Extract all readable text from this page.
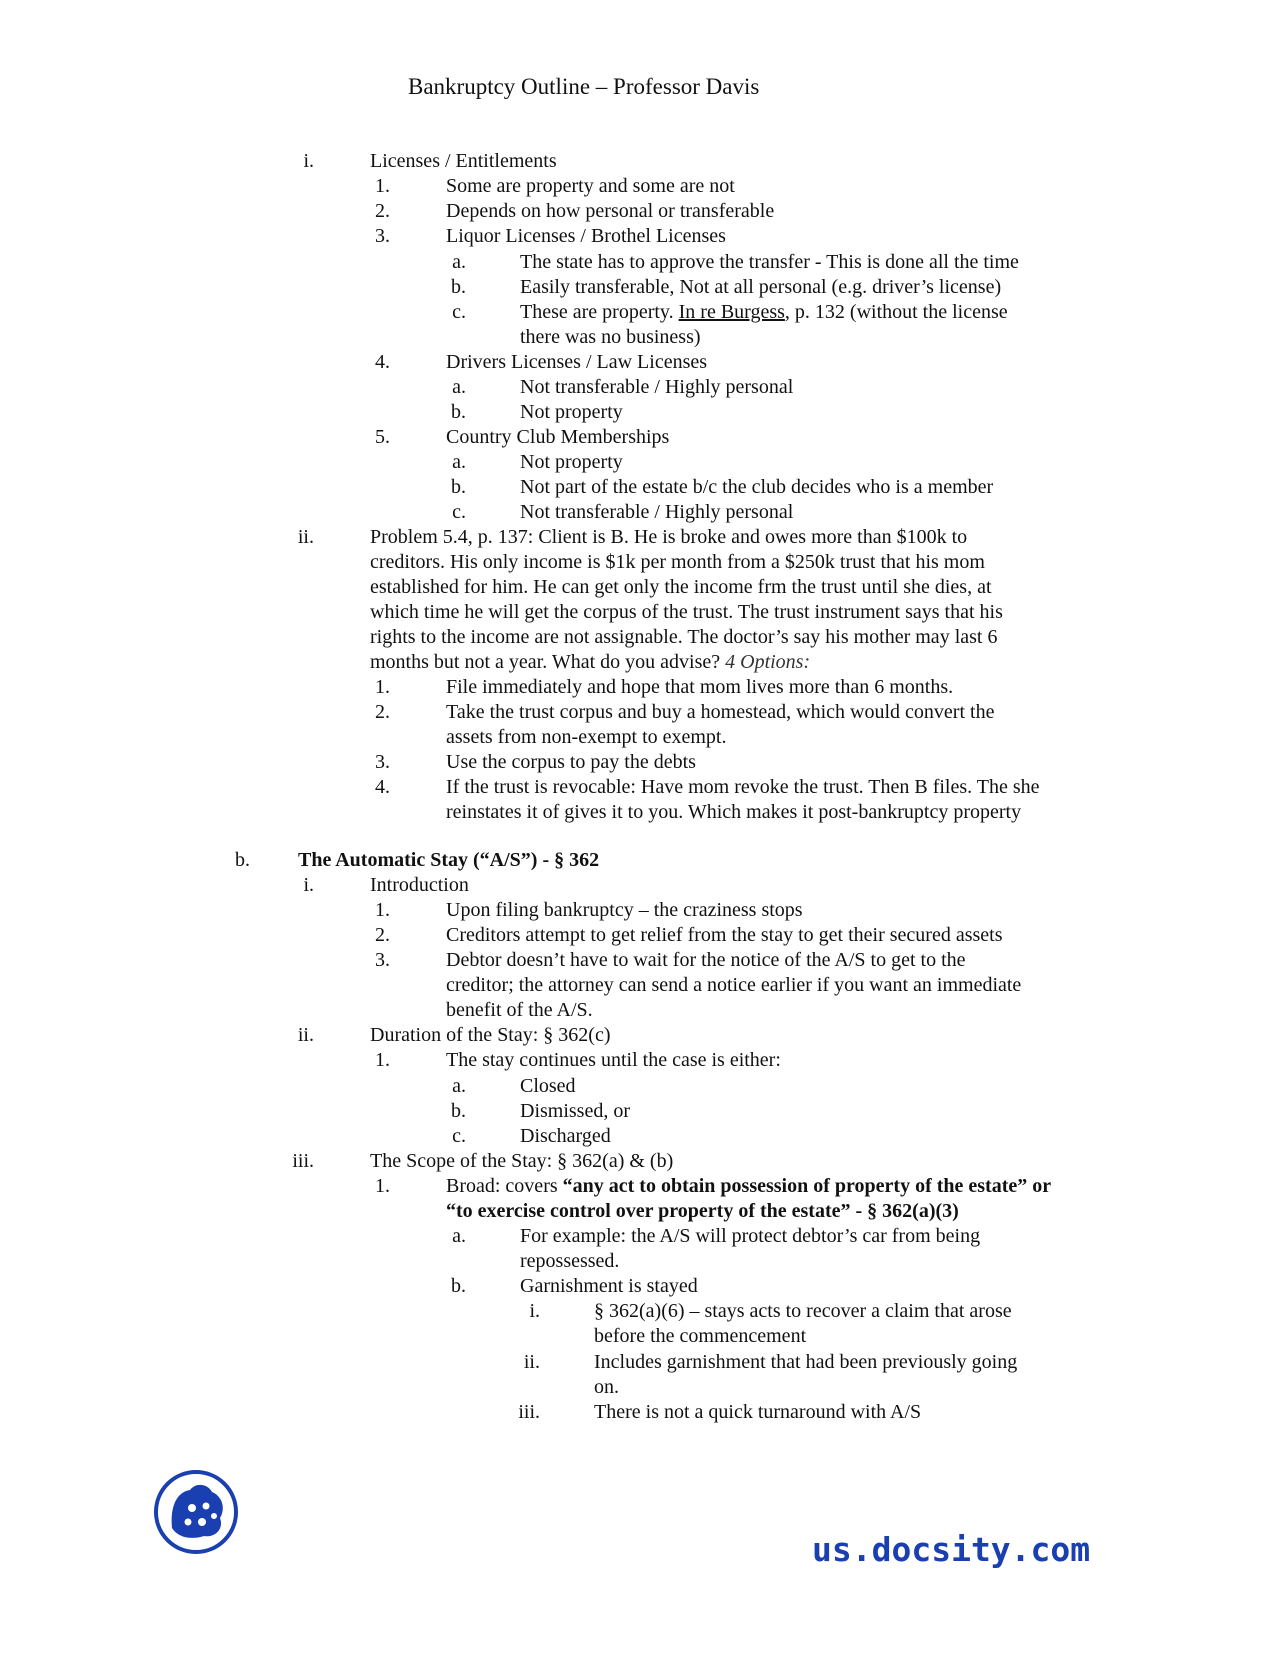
Bankruptcy Outline – Professor Davis
i.	Licenses / Entitlements
1.	Some are property and some are not
2.	Depends on how personal or transferable
3.	Liquor Licenses / Brothel Licenses
a.	The state has to approve the transfer - This is done all the time
b.	Easily transferable, Not at all personal (e.g. driver’s license)
c.	These are property. In re Burgess, p. 132 (without the license
there was no business)
4.	Drivers Licenses / Law Licenses
a.	Not transferable / Highly personal
b.	Not property
5.	Country Club Memberships
a.	Not property
b.	Not part of the estate b/c the club decides who is a member
c.	Not transferable / Highly personal
ii.	Problem 5.4, p. 137: Client is B. He is broke and owes more than $100k to
creditors. His only income is $1k per month from a $250k trust that his mom
established for him. He can get only the income frm the trust until she dies, at
which time he will get the corpus of the trust. The trust instrument says that his
rights to the income are not assignable. The doctor’s say his mother may last 6
months but not a year. What do you advise? 4 Options:
1.	File immediately and hope that mom lives more than 6 months.
2.	Take the trust corpus and buy a homestead, which would convert the
assets from non-exempt to exempt.
3.	Use the corpus to pay the debts
4.	If the trust is revocable: Have mom revoke the trust. Then B files. The she
reinstates it of gives it to you. Which makes it post-bankruptcy property
b. The Automatic Stay (“A/S”) - § 362
i.	Introduction
1.	Upon filing bankruptcy – the craziness stops
2.	Creditors attempt to get relief from the stay to get their secured assets
3.	Debtor doesn’t have to wait for the notice of the A/S to get to the
creditor; the attorney can send a notice earlier if you want an immediate
benefit of the A/S.
ii.	Duration of the Stay: § 362(c)
1.	The stay continues until the case is either:
a.	Closed
b.	Dismissed, or
c.	Discharged
iii.	The Scope of the Stay: § 362(a) & (b)
1.	Broad: covers “any act to obtain possession of property of the estate” or
“to exercise control over property of the estate” - § 362(a)(3)
a.	For example: the A/S will protect debtor’s car from being
repossessed.
b.	Garnishment is stayed
i.	§ 362(a)(6) – stays acts to recover a claim that arose
before the commencement
ii.	Includes garnishment that had been previously going
on.
iii.	There is not a quick turnaround with A/S
us.docsity.com
